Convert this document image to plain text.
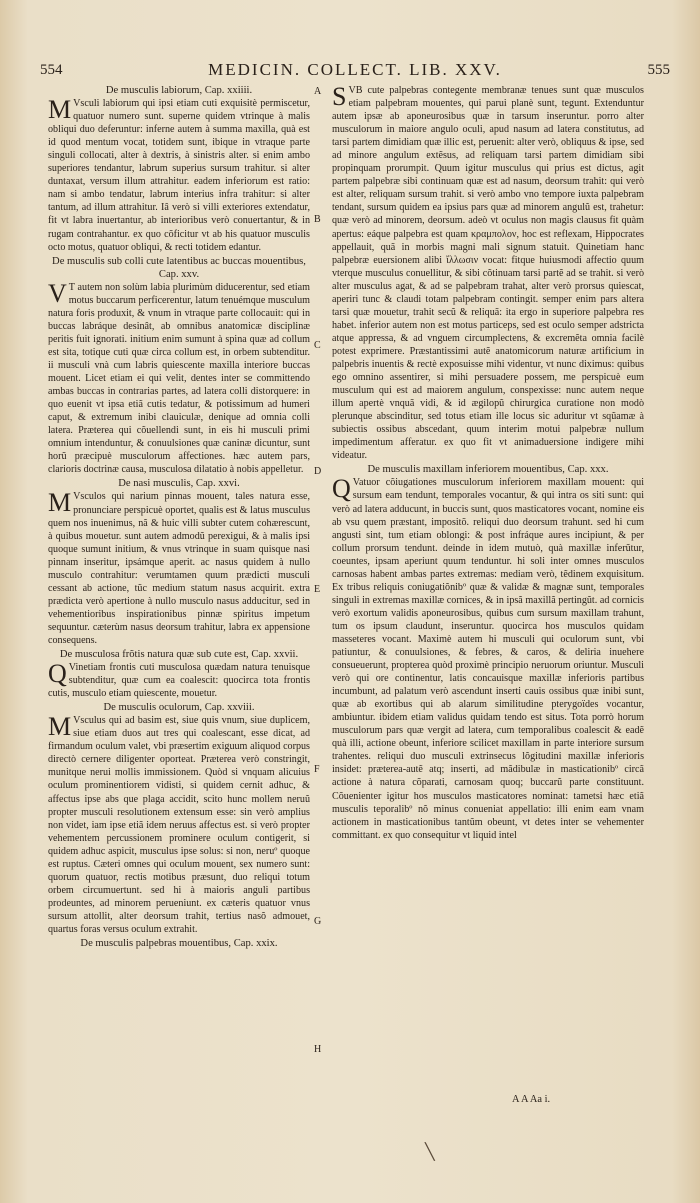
554	MEDICIN. COLLECT. LIB. XXV.	555
De musculis labiorum, Cap. xxiiii.
M Vsculi labiorum qui ipsi etiam cuti exquisitè permiscetur, quatuor numero sunt. superne quidem vtrinque à malis obliqui duo deferuntur: inferne autem à summa maxilla, quà est id quod mentum vocat, totidem sunt, ibique in vtraque parte singuli collocati, alter à dextris, à sinistris alter. si enim ambo superiores tendantur, labrum superius sursum trahitur. si alter duntaxat, versum illum attrahitur. eadem inferiorum est ratio: nam si ambo tendatur, labrum interius infra trahitur: si alter tantum, ad illum attrahitur. Iâ verò si villi exteriores extendatur, fit vt labra inuertantur, ab interioribus verò conuertantur, & in rugam contrahantur. ex quo cõficitur vt ab his quatuor musculis octo motus, quatuor obliqui, & recti totidem edantur.
De musculis sub colli cute latentibus ac buccas mouentibus, Cap. xxv.
V T autem non solùm labia plurimùm diducerentur, sed etiam motus buccarum perficerentur, latum tenuémque musculum natura foris produxit, & vnum in vtraque parte collocauit: qui in buccas labráque desinât, ab omnibus anatomicæ disciplinæ peritis fuit ignorati. initium enim sumunt à spina quæ ad collum est sita, totique cuti quæ circa collum est, in orbem subtenditur. ii musculi vnà cum labris quiescente maxilla interiore buccas mouent. Licet etiam ei qui velit, dentes inter se committendo ambas buccas in contrarias partes, ad latera colli distorquere: in quo euenit vt ipsa etiã cutis tedatur, & potissimum ad humeri caput, & extremum inibi clauiculæ, denique ad omnia colli latera. Præterea qui cõuellendi sunt, in eis hi musculi primi omnium intenduntur, & conuulsiones quæ caninæ dicuntur, sunt horũ præcipuè musculorum affectiones. hæc autem pars, clarioris doctrinæ causa, musculosa dilatatio à nobis appelletur.
De nasi musculis, Cap. xxvi.
M Vsculos qui narium pinnas mouent, tales natura esse, pronunciare perspicuè oportet, qualis est & latus musculus quem nos inuenimus, nã & huic villi subter cutem cohærescunt, à quibus mouetur. sunt autem admodũ perexigui, & à malis ipsi quoque sumunt initium, & vnus vtrinque in suam quisque nasi pinnam inseritur, ipsámque aperit. ac nasus quidem à nullo musculo contrahitur: verumtamen quum prædicti musculi cessant ab actione, tũc medium statum nasus acquirit. extra prædicta verò apertione à nullo musculo nasus adducitur, sed in vehementioribus inspirationibus pinnæ spiritus impetum sequuntur. cæterùm nasus deorsum trahitur, labra ex appensione consequens.
De musculosa frõtis natura quæ sub cute est, Cap. xxvii.
Q Vinetiam frontis cuti musculosa quædam natura tenuisque subtenditur, quæ cum ea coalescit: quocirca tota frontis cutis, musculo etiam quiescente, mouetur.
De musculis oculorum, Cap. xxviii.
M Vsculus qui ad basim est, siue quis vnum, siue duplicem, siue etiam duos aut tres qui coalescant, esse dicat, ad firmandum oculum valet, vbi præsertim exiguum aliquod corpus directò cernere diligenter oporteat. Præterea verò constringit, munitque nerui mollis immissionem. Quòd si vnquam alicuius oculum prominentiorem vidisti, si quidem cernit adhuc, & affectus ipse abs que plaga accidit, scito hunc mollem neruũ propter musculi resolutionem extensum esse: sin verò amplius non videt, iam ipse etiã idem neruus affectus est. si verò propter vehementem percussionem prominere oculum contigerit, si quidem adhuc aspicit, musculus ipse solus: si non, neruº quoque est ruptus. Cæteri omnes qui oculum mouent, sex numero sunt: quorum quatuor, rectis motibus præsunt, duo reliqui totum orbem circumuertunt. sed hi à maioris anguli partibus prodeuntes, ad minorem perueniunt. ex cæteris quatuor vnus sursum attollit, alter deorsum trahit, tertius nasõ admouet, quartus foras versus oculum extrahit.
De musculis palpebras mouentibus, Cap. xxix.
A
B
C
D
E
F
G
H
SVB cute palpebras contegente membranæ tenues sunt quæ musculos etiam palpebram mouentes, qui parui planè sunt, tegunt. Extenduntur autem ipsæ ab aponeurosibus quæ in tarsum inseruntur. porro alter musculorum in maiore angulo oculi, apud nasum ad latera constitutus, ad tarsi partem dimidiam quæ illic est, peruenit: alter verò, obliquus & ipse, sed ad minore angulum extẽsus, ad reliquam tarsi partem dimidiam sibi propinquam prorumpit. Quum igitur musculus qui prius est dictus, agit partem palpebræ sibi continuam quæ est ad nasum, deorsum trahit: qui verò est alter, reliquam sursum trahit. si verò ambo vno tempore iuxta palpebram tendant, sursum quidem ea ipsius pars quæ ad minorem angulũ est, trahetur: quæ verò ad minorem, deorsum. adeò vt oculus non magis clausus fit quàm apertus: eáque palpebra est quam κραμπολον, hoc est reflexam, Hippocrates appellauit, quã in morbis magni mali signum statuit. Quinetiam hanc palpebræ euersionem alibi ἴλλωσιν vocat: fitque huiusmodi affectio quum vterque musculus conuellitur, & sibi cõtinuam tarsi partẽ ad se trahit. si verò alter musculus agat, & ad se palpebram trahat, alter verò prorsus quiescat, aperiri tunc & claudi totam palpebram contingit. semper enim pars altera tarsi quæ mouetur, trahit secũ & reliquã: ita ergo in superiore palpebra res habet. inferior autem non est motus particeps, sed est oculo semper adstricta atque appressa, & ad vnguem circumplectens, & excremẽta omnia facilè potest exprimere. Præstantissimi autẽ anatomicorum naturæ artificium in palpebris inuentis & rectè exposuisse mihi videntur, vt nunc diximus: quibus ego omnino assentirer, si mihi persuadere possem, me perspicuè eum musculum qui est ad maiorem angulum, conspexisse: nunc autem neque illum apertè vnquã vidi, & id ægilopũ chirurgica curatione non modò plerunque abscinditur, sed totus etiam ille locus sic aduritur vt sqũamæ à subiectis ossibus abscedant, quum interim motui palpebræ nullum impedimentum afferatur. ex quo fit vt animaduersione indigere mihi videatur.
De musculis maxillam inferiorem mouentibus, Cap. xxx.
Q Vatuor cõiugationes musculorum inferiorem maxillam mouent: qui sursum eam tendunt, temporales vocantur, & qui intra os siti sunt: qui verò ad latera adducunt, in buccis sunt, quos masticatores vocant, nomine eis ab vsu quem præstant, impositõ. reliqui duo deorsum trahunt. sed hi cum angusti sint, tum etiam oblongi: & post infráque aures incipiunt, & per collum prorsum tendunt. deinde in idem mutuò, quà maxillæ inferũtur, coeuntes, ipsam aperiunt quum tenduntur. hi soli inter omnes musculos carnosas habent ambas partes extremas: mediam verò, tẽdinem exquisitum. Ex tribus reliquis coniugatiõnibº quæ & validæ & magnæ sunt, temporales singuli in extremas maxillæ cornices, & in ipsã maxillã pertingũt. ad cornicis verò exortum validis aponeurosibus, quibus cum sursum maxillam trahunt, tum os ipsum claudunt, inseruntur. quocirca hos musculos quidam masseteres vocant. Maximè autem hi musculi qui oculorum sunt, vbi patiuntur, & conuulsiones, & febres, & caros, & deliria inuehere consueuerunt, propterea quòd proximè principio neruorum oriuntur. Musculi verò qui ore continentur, latis concauisque maxillæ inferioris partibus incumbunt, ad palatum verò ascendunt inserti cauis ossibus quæ inibi sunt, quæ ab exortibus qui ab alarum similitudine pterygoïdes vocantur, ambiuntur. ibidem etiam validus quidam tendo est situs. Tota porrò horum musculorum pars quæ vergit ad latera, cum temporalibus coalescit & eadẽ quà illi, actione obeunt, inferiore scilicet maxillam in parte interiore sursum trahentes. reliqui duo musculi extrinsecus lõgitudini maxillæ inferioris insidet: præterea-autẽ atq; inserti, ad mãdibulæ in masticationibº circã actione à natura cõparati, carnosam quoq; buccarũ parte constituunt. Cõuenienter igitur hos musculos masticatores nominat: tametsi hæc etiã musculis teporalibº nõ minus conueniat appellatio: illi enim eam vnam actionem in masticationibus tantũm obeunt, vt detes inter se vehementer committant. ex quo consequitur vt liquid intel
A A Aa i.
╲
